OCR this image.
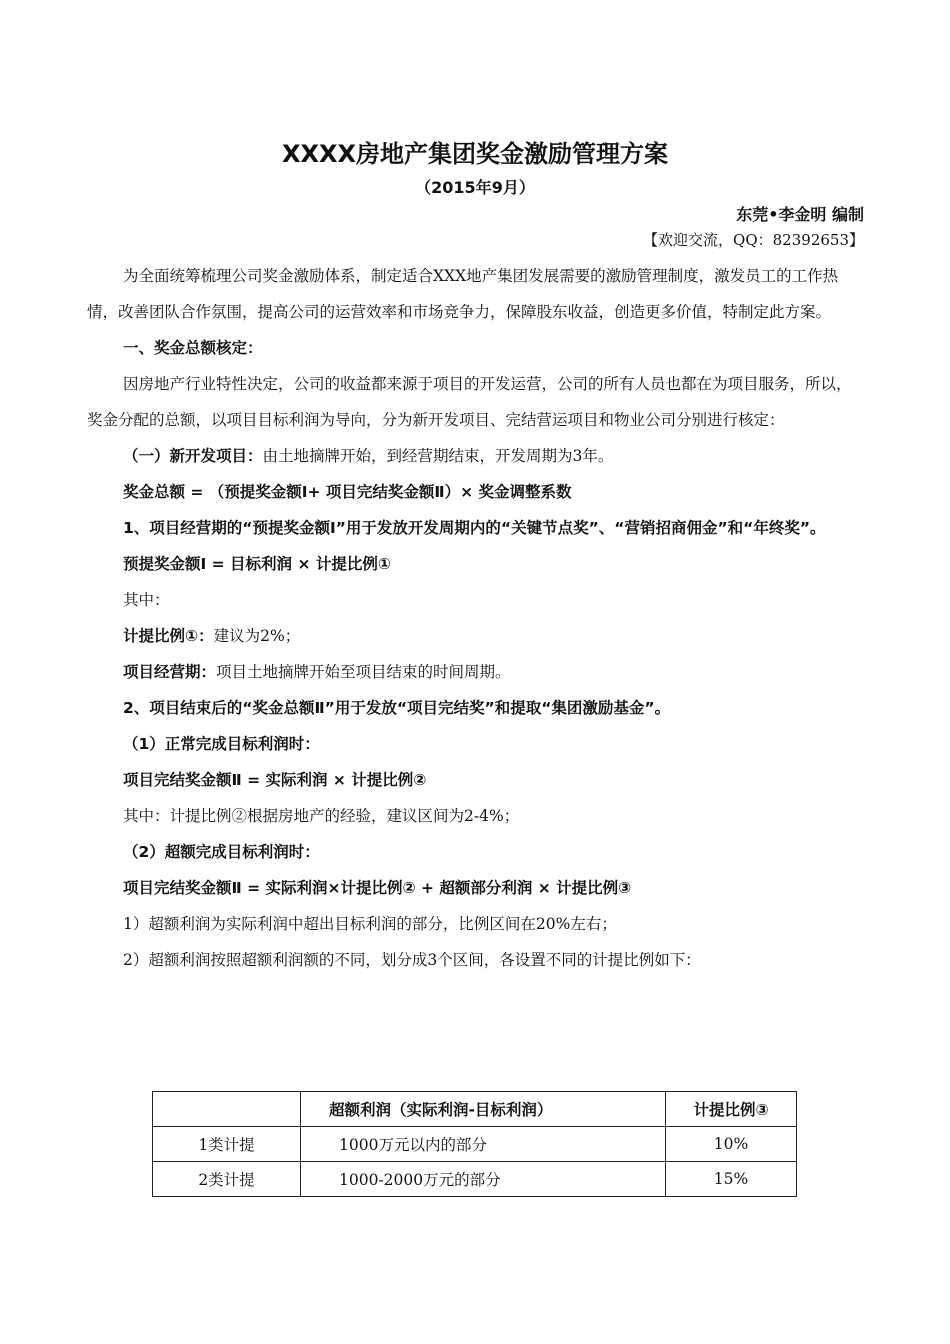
XXXX房地产集团奖金激励管理方案
（2015年9月）
东莞•李金明 编制
【欢迎交流，QQ：82392653】

为全面统筹梳理公司奖金激励体系，制定适合XXX地产集团发展需要的激励管理制度，激发员工的工作热情，改善团队合作氛围，提高公司的运营效率和市场竞争力，保障股东收益，创造更多价值，特制定此方案。

一、奖金总额核定：

因房地产行业特性决定，公司的收益都来源于项目的开发运营，公司的所有人员也都在为项目服务，所以，奖金分配的总额，以项目目标利润为导向，分为新开发项目、完结营运项目和物业公司分别进行核定：

（一）新开发项目：由土地摘牌开始，到经营期结束，开发周期为3年。

奖金总额 = （预提奖金额Ⅰ+ 项目完结奖金额Ⅱ）× 奖金调整系数

1、项目经营期的“预提奖金额Ⅰ”用于发放开发周期内的“关键节点奖”、“营销招商佣金”和“年终奖”。

预提奖金额Ⅰ = 目标利润 × 计提比例①

其中：

计提比例①：建议为2%；

项目经营期：项目土地摘牌开始至项目结束的时间周期。

2、项目结束后的“奖金总额Ⅱ”用于发放“项目完结奖”和提取“集团激励基金”。

（1）正常完成目标利润时：

项目完结奖金额Ⅱ = 实际利润 × 计提比例②

其中：计提比例②根据房地产的经验，建议区间为2-4%；

（2）超额完成目标利润时：

项目完结奖金额Ⅱ = 实际利润×计提比例② + 超额部分利润 × 计提比例③

1）超额利润为实际利润中超出目标利润的部分，比例区间在20%左右；

2）超额利润按照超额利润额的不同，划分成3个区间，各设置不同的计提比例如下：

	超额利润（实际利润-目标利润）	计提比例③
1类计提	1000万元以内的部分	10%
2类计提	1000-2000万元的部分	15%
